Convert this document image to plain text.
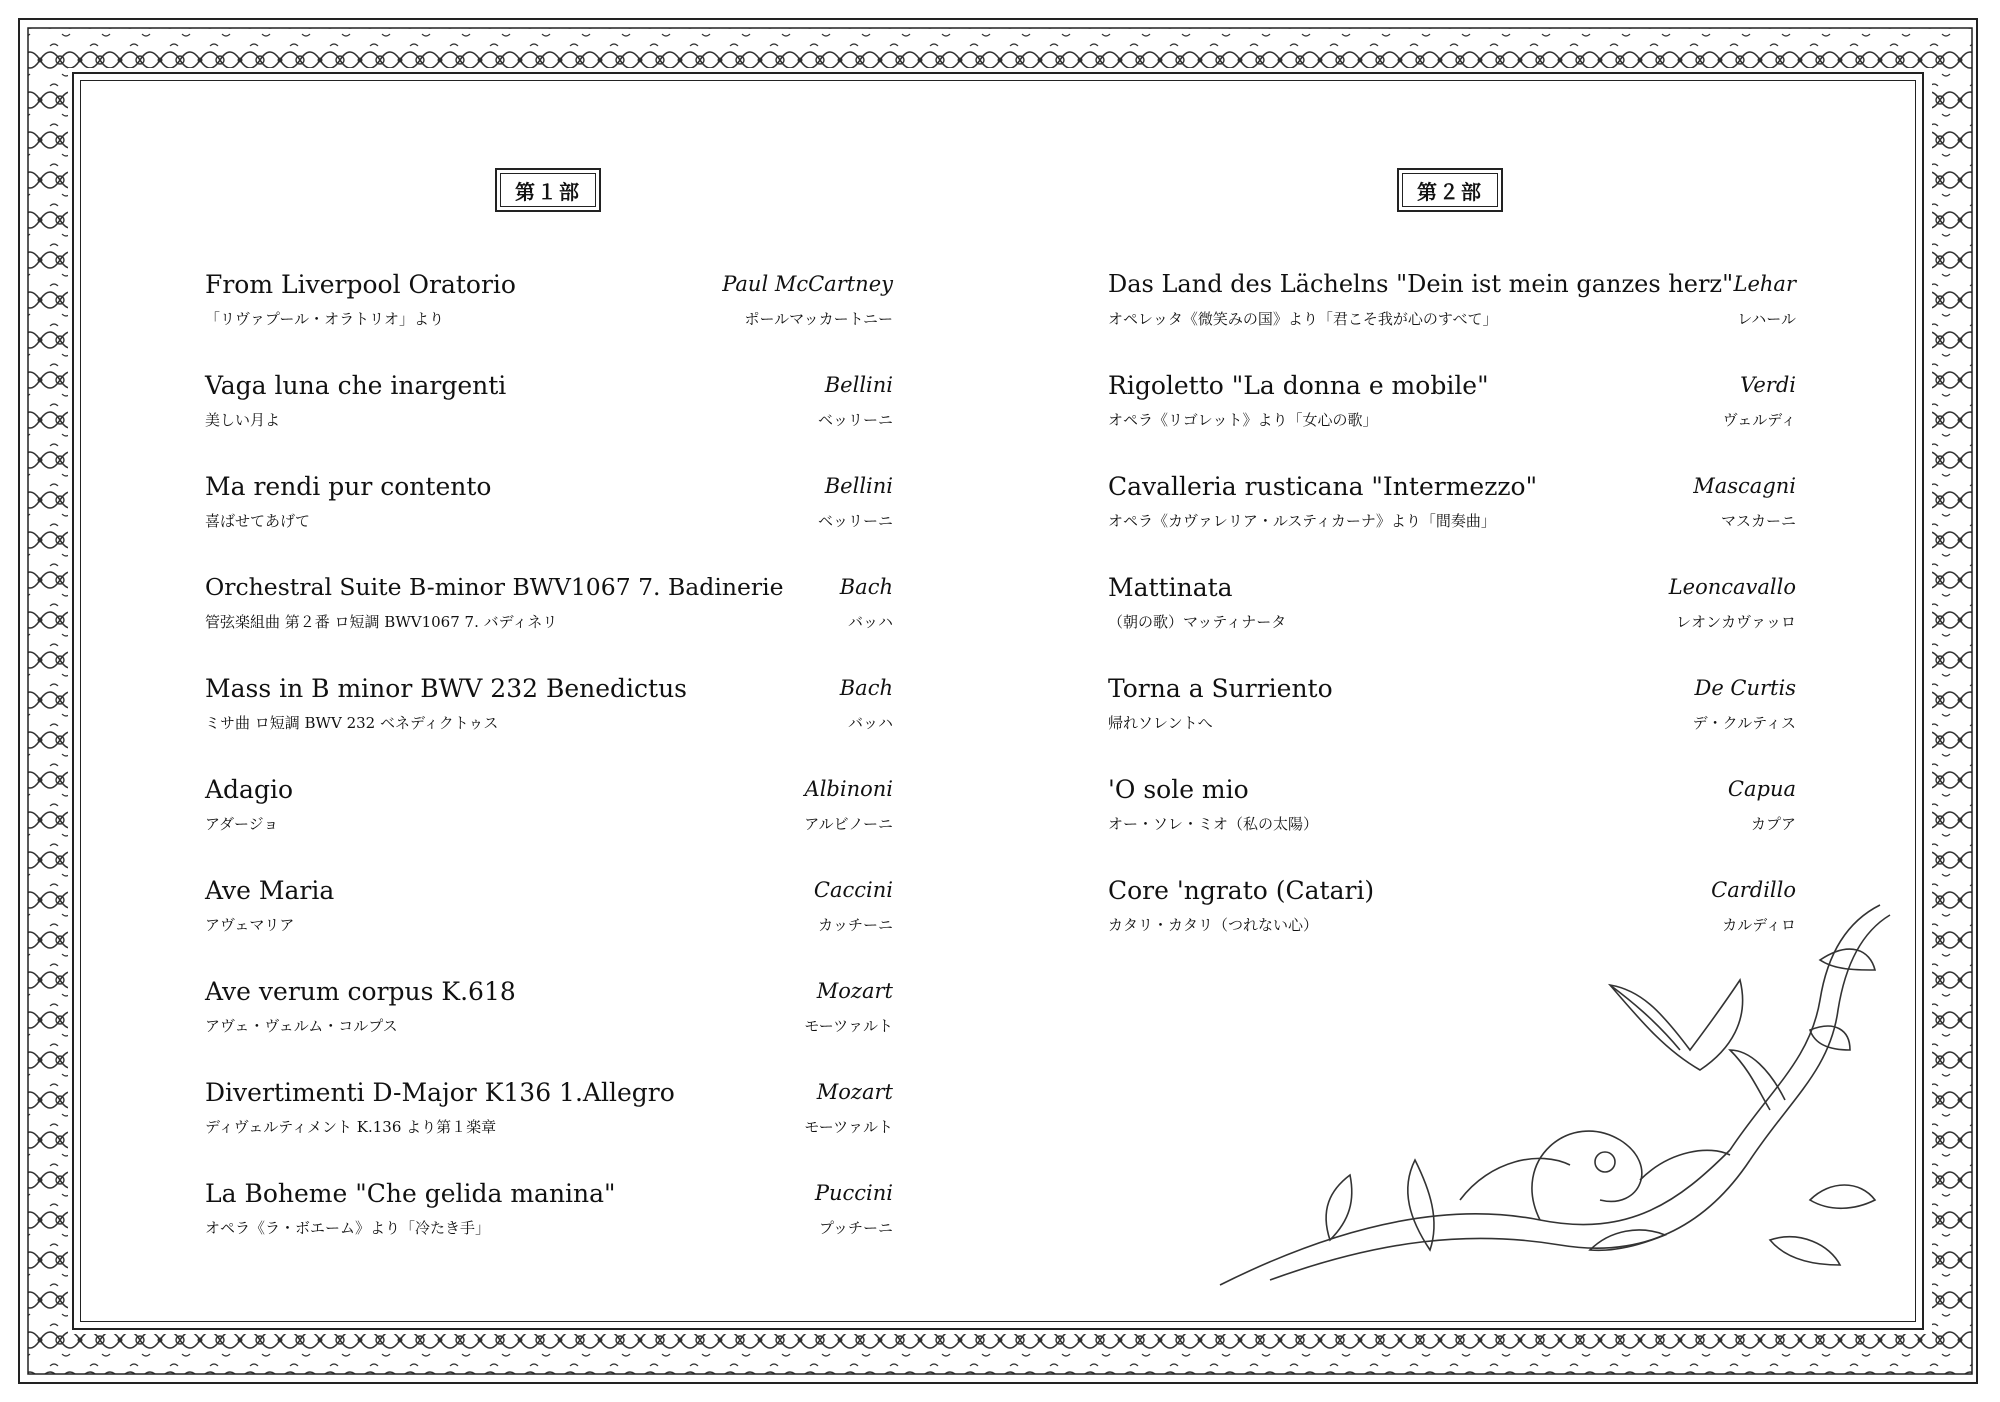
第１部	第２部
From Liverpool Oratorio
「リヴァプール・オラトリオ」より
Paul McCartney
ポールマッカートニー
Vaga luna che inargenti
美しい月よ
Bellini
ベッリーニ
Ma rendi pur contento
喜ばせてあげて
Bellini
ベッリーニ
Orchestral Suite B-minor BWV1067 7. Badinerie
管弦楽組曲 第２番 ロ短調 BWV1067 7. バディネリ
Bach
バッハ
Mass in B minor BWV 232 Benedictus
ミサ曲 ロ短調 BWV 232 ベネディクトゥス
Bach
バッハ
Adagio
アダージョ
Albinoni
アルビノーニ
Ave Maria
アヴェマリア
Caccini
カッチーニ
Ave verum corpus K.618
アヴェ・ヴェルム・コルプス
Mozart
モーツァルト
Divertimenti D-Major K136 1.Allegro
ディヴェルティメント K.136 より第１楽章
Mozart
モーツァルト
La Boheme "Che gelida manina"
オペラ《ラ・ボエーム》より「冷たき手」
Puccini
プッチーニ
Das Land des Lächelns "Dein ist mein ganzes herz"
オペレッタ《微笑みの国》より「君こそ我が心のすべて」
Lehar
レハール
Rigoletto "La donna e mobile"
オペラ《リゴレット》より「女心の歌」
Verdi
ヴェルディ
Cavalleria rusticana "Intermezzo"
オペラ《カヴァレリア・ルスティカーナ》より「間奏曲」
Mascagni
マスカーニ
Mattinata
（朝の歌）マッティナータ
Leoncavallo
レオンカヴァッロ
Torna a Surriento
帰れソレントへ
De Curtis
デ・クルティス
'O sole mio
オー・ソレ・ミオ（私の太陽）
Capua
カプア
Core 'ngrato (Catari)
カタリ・カタリ（つれない心）
Cardillo
カルディロ
